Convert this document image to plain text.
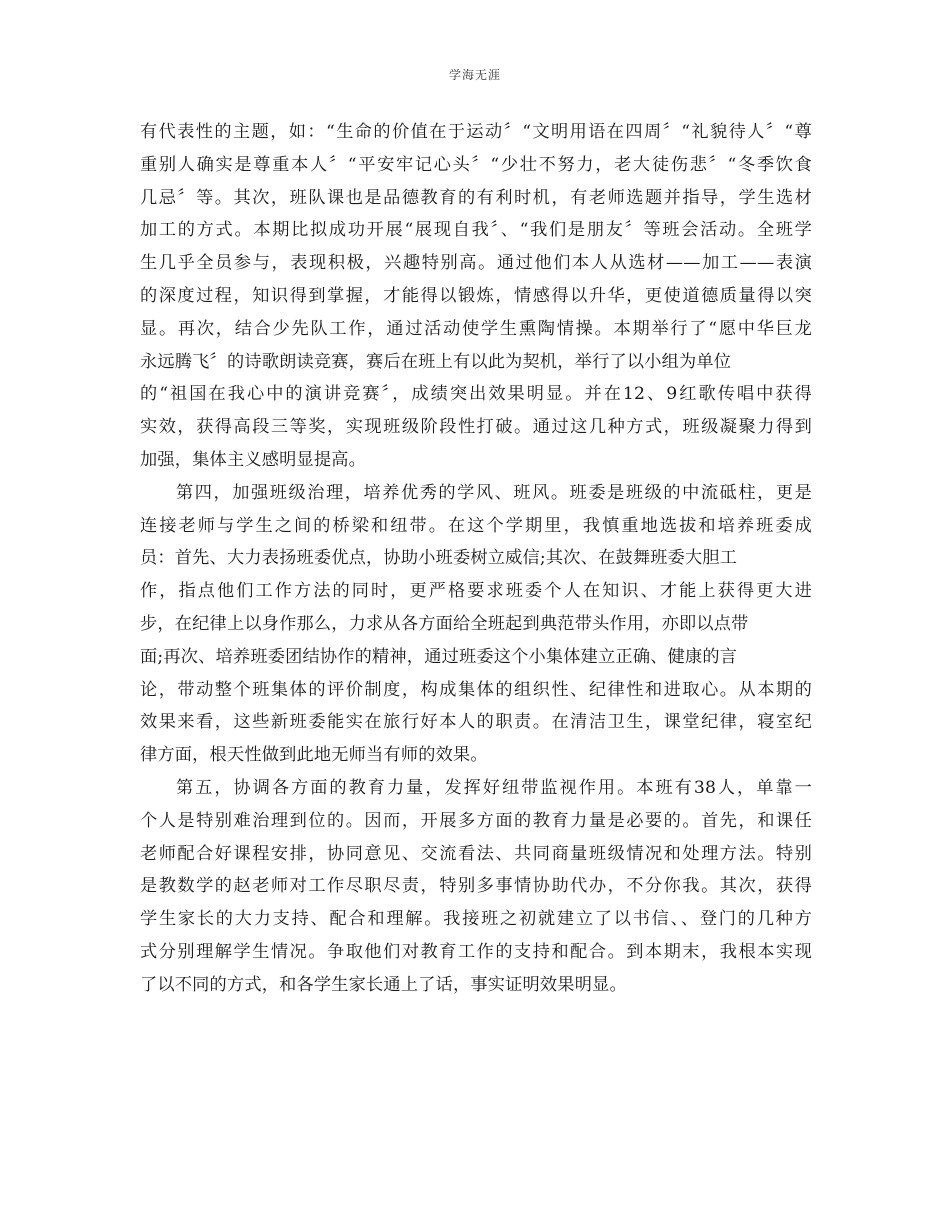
学海无涯
有代表性的主题，如：“生命的价值在于运动〞“文明用语在四周〞“礼貌待人〞“尊
重别人确实是尊重本人〞“平安牢记心头〞“少壮不努力，老大徒伤悲〞“冬季饮食
几忌〞等。其次，班队课也是品德教育的有利时机，有老师选题并指导，学生选材
加工的方式。本期比拟成功开展“展现自我〞、“我们是朋友〞等班会活动。全班学
生几乎全员参与，表现积极，兴趣特别高。通过他们本人从选材——加工——表演
的深度过程，知识得到掌握，才能得以锻炼，情感得以升华，更使道德质量得以突
显。再次，结合少先队工作，通过活动使学生熏陶情操。本期举行了“愿中华巨龙
永远腾飞〞的诗歌朗读竞赛，赛后在班上有以此为契机，举行了以小组为单位
的“祖国在我心中的演讲竞赛〞，成绩突出效果明显。并在12、9红歌传唱中获得
实效，获得高段三等奖，实现班级阶段性打破。通过这几种方式，班级凝聚力得到
加强，集体主义感明显提高。
第四，加强班级治理，培养优秀的学风、班风。班委是班级的中流砥柱，更是
连接老师与学生之间的桥梁和纽带。在这个学期里，我慎重地选拔和培养班委成
员：首先、大力表扬班委优点，协助小班委树立威信;其次、在鼓舞班委大胆工
作，指点他们工作方法的同时，更严格要求班委个人在知识、才能上获得更大进
步，在纪律上以身作那么，力求从各方面给全班起到典范带头作用，亦即以点带
面;再次、培养班委团结协作的精神，通过班委这个小集体建立正确、健康的言
论，带动整个班集体的评价制度，构成集体的组织性、纪律性和进取心。从本期的
效果来看，这些新班委能实在旅行好本人的职责。在清洁卫生，课堂纪律，寝室纪
律方面，根天性做到此地无师当有师的效果。
第五，协调各方面的教育力量，发挥好纽带监视作用。本班有38人，单靠一
个人是特别难治理到位的。因而，开展多方面的教育力量是必要的。首先，和课任
老师配合好课程安排，协同意见、交流看法、共同商量班级情况和处理方法。特别
是教数学的赵老师对工作尽职尽责，特别多事情协助代办，不分你我。其次，获得
学生家长的大力支持、配合和理解。我接班之初就建立了以书信、、登门的几种方
式分别理解学生情况。争取他们对教育工作的支持和配合。到本期末，我根本实现
了以不同的方式，和各学生家长通上了话，事实证明效果明显。
